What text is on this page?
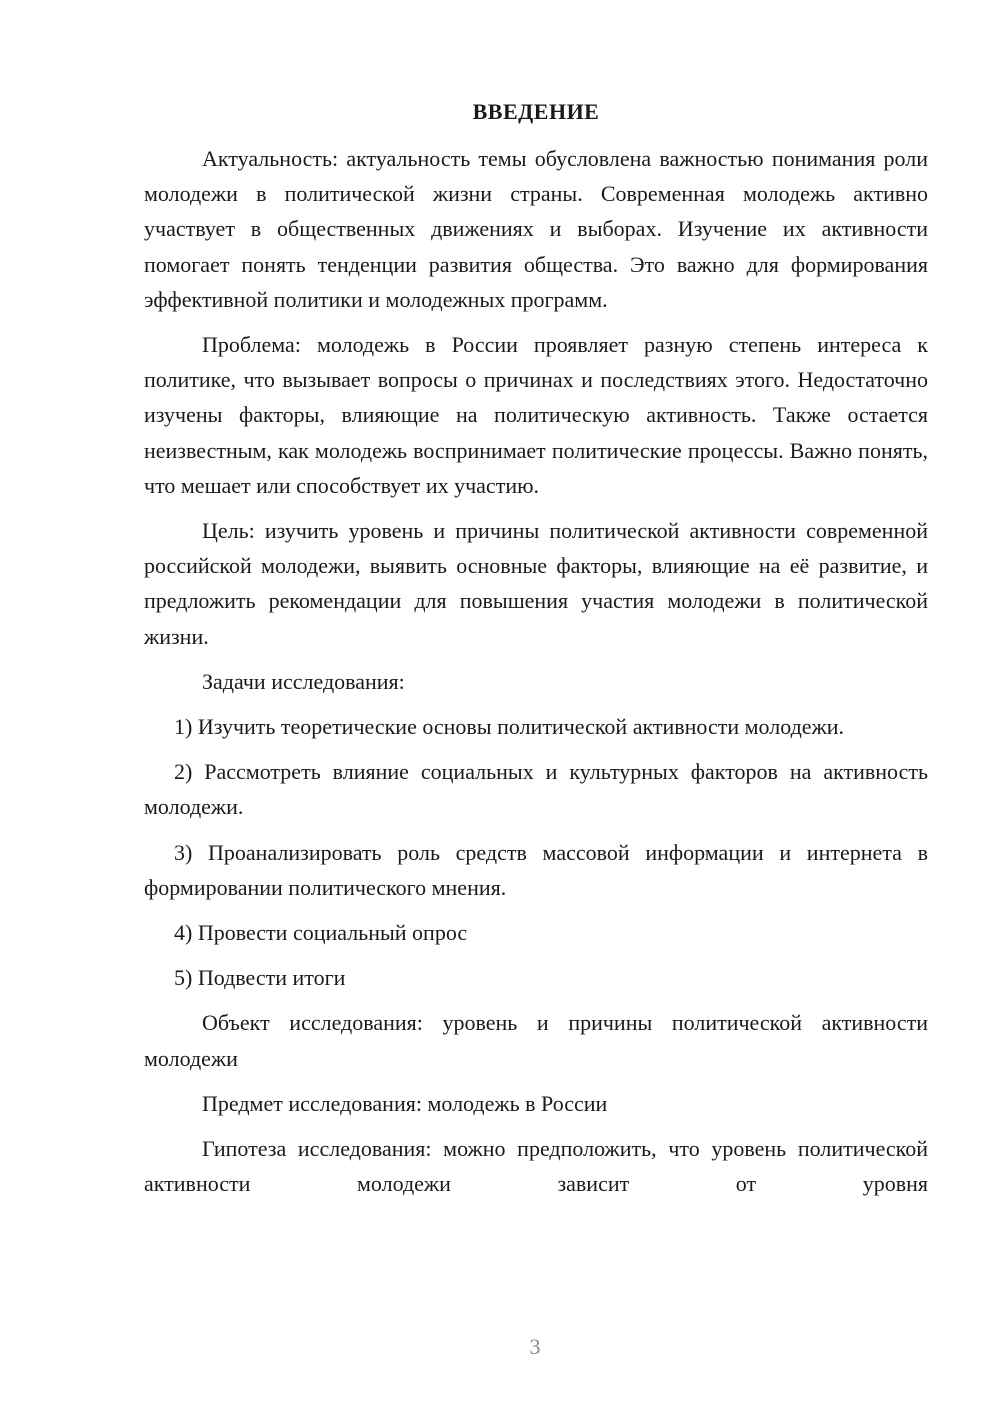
ВВЕДЕНИЕ

Актуальность: актуальность темы обусловлена важностью понимания роли молодежи в политической жизни страны. Современная молодежь активно участвует в общественных движениях и выборах. Изучение их активности помогает понять тенденции развития общества. Это важно для формирования эффективной политики и молодежных программ.

Проблема: молодежь в России проявляет разную степень интереса к политике, что вызывает вопросы о причинах и последствиях этого. Недостаточно изучены факторы, влияющие на политическую активность. Также остается неизвестным, как молодежь воспринимает политические процессы. Важно понять, что мешает или способствует их участию.

Цель: изучить уровень и причины политической активности современной российской молодежи, выявить основные факторы, влияющие на её развитие, и предложить рекомендации для повышения участия молодежи в политической жизни.

Задачи исследования:

1) Изучить теоретические основы политической активности молодежи.

2) Рассмотреть влияние социальных и культурных факторов на активность молодежи.

3) Проанализировать роль средств массовой информации и интернета в формировании политического мнения.

4) Провести социальный опрос

5) Подвести итоги

Объект исследования: уровень и причины политической активности молодежи

Предмет исследования: молодежь в России

Гипотеза исследования: можно предположить, что уровень политической активности молодежи зависит от уровня

3
